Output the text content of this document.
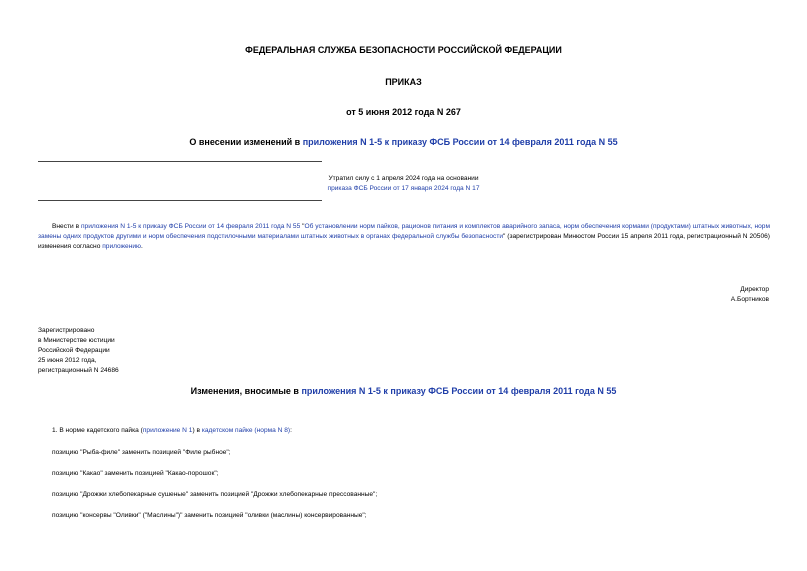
ФЕДЕРАЛЬНАЯ СЛУЖБА БЕЗОПАСНОСТИ РОССИЙСКОЙ ФЕДЕРАЦИИ
ПРИКАЗ
от 5 июня 2012 года N 267
О внесении изменений в приложения N 1-5 к приказу ФСБ России от 14 февраля 2011 года N 55
Утратил силу с 1 апреля 2024 года на основании
приказа ФСБ России от 17 января 2024 года N 17
Внести в приложения N 1-5 к приказу ФСБ России от 14 февраля 2011 года N 55 "Об установлении норм пайков, рационов питания и комплектов аварийного запаса, норм обеспечения кормами (продуктами) штатных животных, норм замены одних продуктов другими и норм обеспечения подстилочными материалами штатных животных в органах федеральной службы безопасности" (зарегистрирован Минюстом России 15 апреля 2011 года, регистрационный N 20506) изменения согласно приложению.
Директор
А.Бортников
Зарегистрировано
в Министерстве юстиции
Российской Федерации
25 июня 2012 года,
регистрационный N 24686
Изменения, вносимые в приложения N 1-5 к приказу ФСБ России от 14 февраля 2011 года N 55
1. В норме кадетского пайка (приложение N 1) в кадетском пайке (норма N 8):
позицию "Рыба-филе" заменить позицией "Филе рыбное";
позицию "Какао" заменить позицией "Какао-порошок";
позицию "Дрожжи хлебопекарные сушеные" заменить позицией "Дрожжи хлебопекарные прессованные";
позицию "консервы "Оливки" ("Маслины")" заменить позицией "оливки (маслины) консервированные";
